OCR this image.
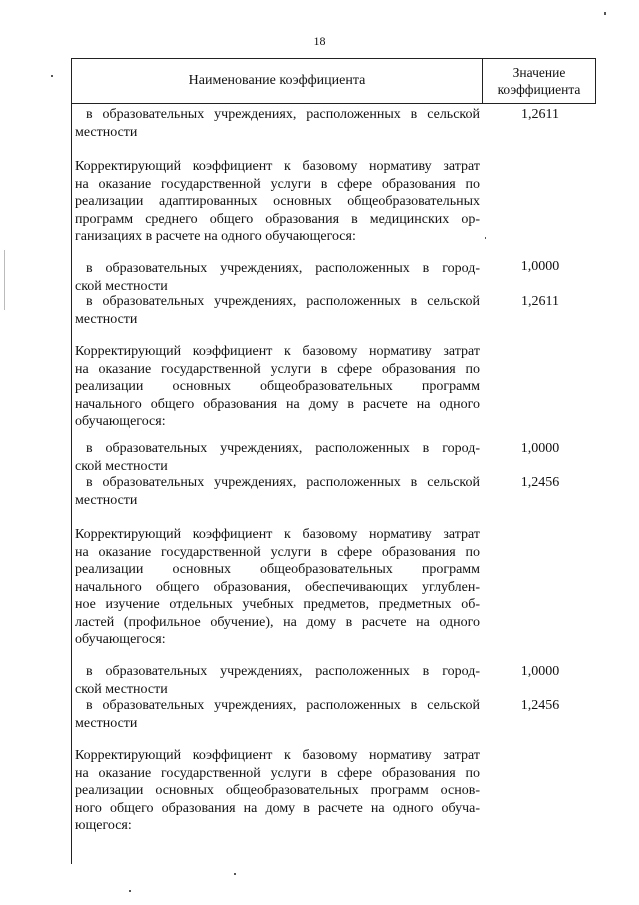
18
Наименование коэффициента
Значение
коэффициента
в образовательных учреждениях, расположенных в сельской
местности
1,2611
Корректирующий коэффициент к базовому нормативу затрат
на оказание государственной услуги в сфере образования по
реализации адаптированных основных общеобразовательных
программ среднего общего образования в медицинских ор-
ганизациях в расчете на одного обучающегося:
в образовательных учреждениях, расположенных в город-
ской местности
1,0000
в образовательных учреждениях, расположенных в сельской
местности
1,2611
Корректирующий коэффициент к базовому нормативу затрат
на оказание государственной услуги в сфере образования по
реализации основных общеобразовательных программ
начального общего образования на дому в расчете на одного
обучающегося:
в образовательных учреждениях, расположенных в город-
ской местности
1,0000
в образовательных учреждениях, расположенных в сельской
местности
1,2456
Корректирующий коэффициент к базовому нормативу затрат
на оказание государственной услуги в сфере образования по
реализации основных общеобразовательных программ
начального общего образования, обеспечивающих углублен-
ное изучение отдельных учебных предметов, предметных об-
ластей (профильное обучение), на дому в расчете на одного
обучающегося:
в образовательных учреждениях, расположенных в город-
ской местности
1,0000
в образовательных учреждениях, расположенных в сельской
местности
1,2456
Корректирующий коэффициент к базовому нормативу затрат
на оказание государственной услуги в сфере образования по
реализации основных общеобразовательных программ основ-
ного общего образования на дому в расчете на одного обуча-
ющегося:
